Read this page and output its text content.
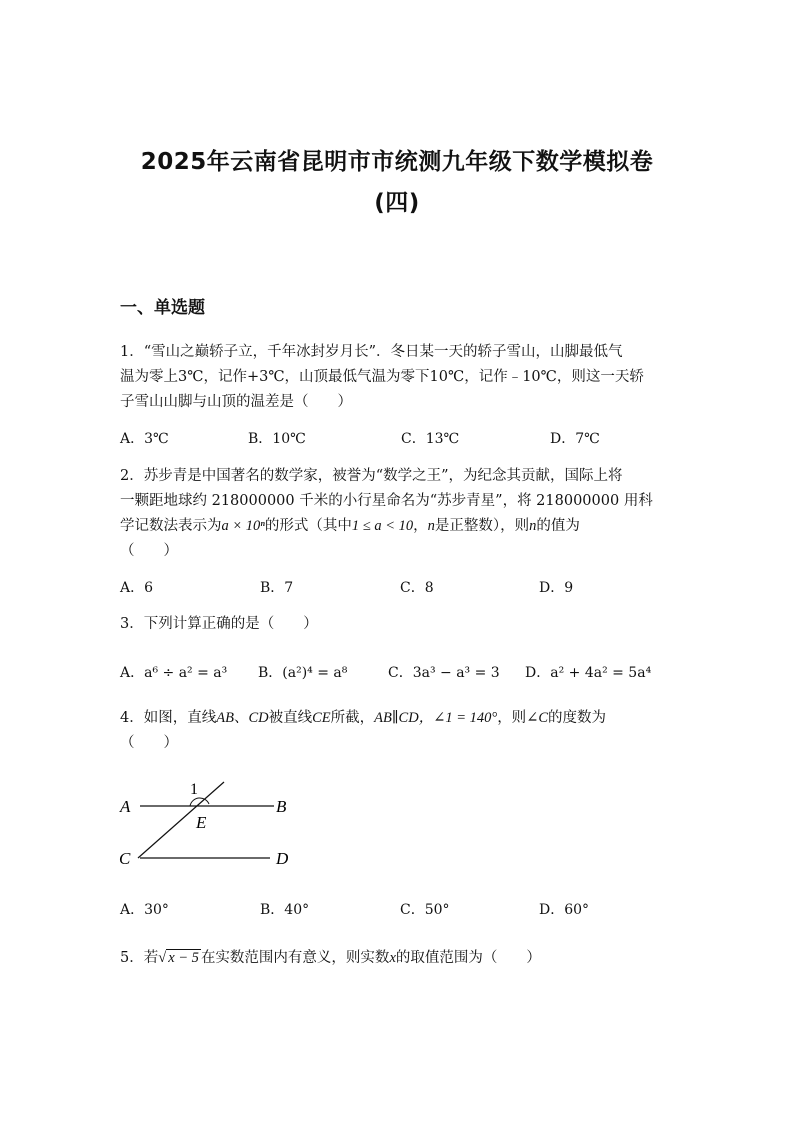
2025年云南省昆明市市统测九年级下数学模拟卷
(四)
一、单选题
1．“雪山之巅轿子立，千年冰封岁月长”．冬日某一天的轿子雪山，山脚最低气
温为零上3℃，记作+3℃，山顶最低气温为零下10℃，记作﹣10℃，则这一天轿
子雪山山脚与山顶的温差是（　　）
A．3℃	B．10℃	C．13℃	D．7℃
2．苏步青是中国著名的数学家，被誉为“数学之王”，为纪念其贡献，国际上将
一颗距地球约 218000000 千米的小行星命名为“苏步青星”，将 218000000 用科
学记数法表示为a × 10ⁿ的形式（其中1 ≤ a < 10，n是正整数），则n的值为
（　　）
A．6	B．7	C．8	D．9
3．下列计算正确的是（　　）
A．a⁶ ÷ a² = a³ B．(a²)⁴ = a⁸	C．3a³ − a³ = 3 D．a² + 4a² = 5a⁴
4．如图，直线AB、CD被直线CE所截，AB∥CD，∠1 = 140°，则∠C的度数为
（　　）
A	B
C	D
E
1
A．30°	B．40°	C．50°	D．60°
5．若√ x − 5 在实数范围内有意义，则实数x的取值范围为（　　）
